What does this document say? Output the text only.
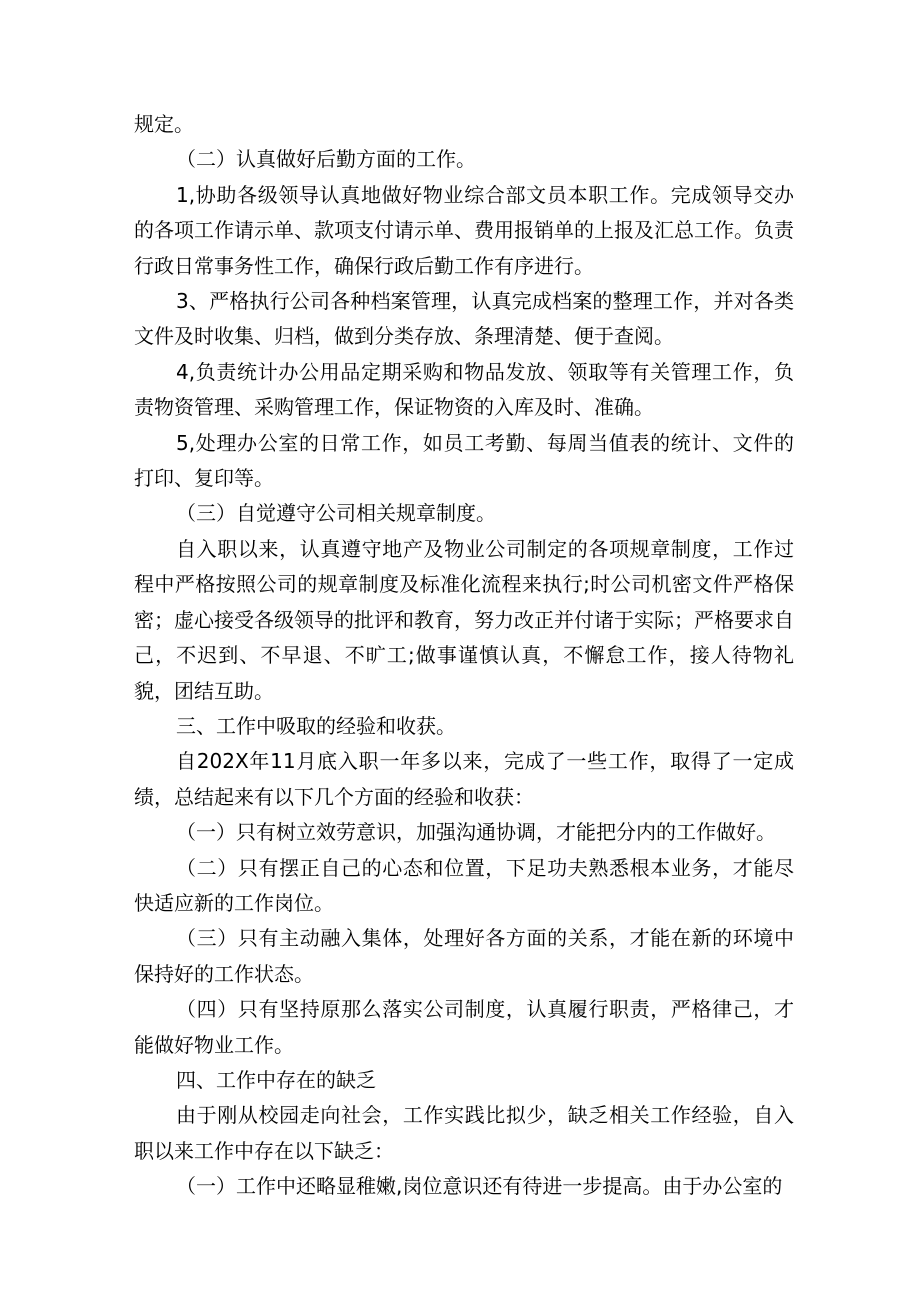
规定。

（二）认真做好后勤方面的工作。

1,协助各级领导认真地做好物业综合部文员本职工作。完成领导交办的各项工作请示单、款项支付请示单、费用报销单的上报及汇总工作。负责行政日常事务性工作，确保行政后勤工作有序进行。

3、严格执行公司各种档案管理，认真完成档案的整理工作，并对各类文件及时收集、归档，做到分类存放、条理清楚、便于查阅。

4,负责统计办公用品定期采购和物品发放、领取等有关管理工作，负责物资管理、采购管理工作，保证物资的入库及时、准确。

5,处理办公室的日常工作，如员工考勤、每周当值表的统计、文件的打印、复印等。

（三）自觉遵守公司相关规章制度。

自入职以来，认真遵守地产及物业公司制定的各项规章制度，工作过程中严格按照公司的规章制度及标准化流程来执行;时公司机密文件严格保密；虚心接受各级领导的批评和教育，努力改正并付诸于实际；严格要求自己，不迟到、不早退、不旷工;做事谨慎认真，不懈怠工作，接人待物礼貌，团结互助。

三、工作中吸取的经验和收获。

自202X年11月底入职一年多以来，完成了一些工作，取得了一定成绩，总结起来有以下几个方面的经验和收获：

（一）只有树立效劳意识，加强沟通协调，才能把分内的工作做好。

（二）只有摆正自己的心态和位置，下足功夫熟悉根本业务，才能尽快适应新的工作岗位。

（三）只有主动融入集体，处理好各方面的关系，才能在新的环境中保持好的工作状态。

（四）只有坚持原那么落实公司制度，认真履行职责，严格律己，才能做好物业工作。

四、工作中存在的缺乏

由于刚从校园走向社会，工作实践比拟少，缺乏相关工作经验，自入职以来工作中存在以下缺乏：

（一）工作中还略显稚嫩,岗位意识还有待进一步提高。由于办公室的
